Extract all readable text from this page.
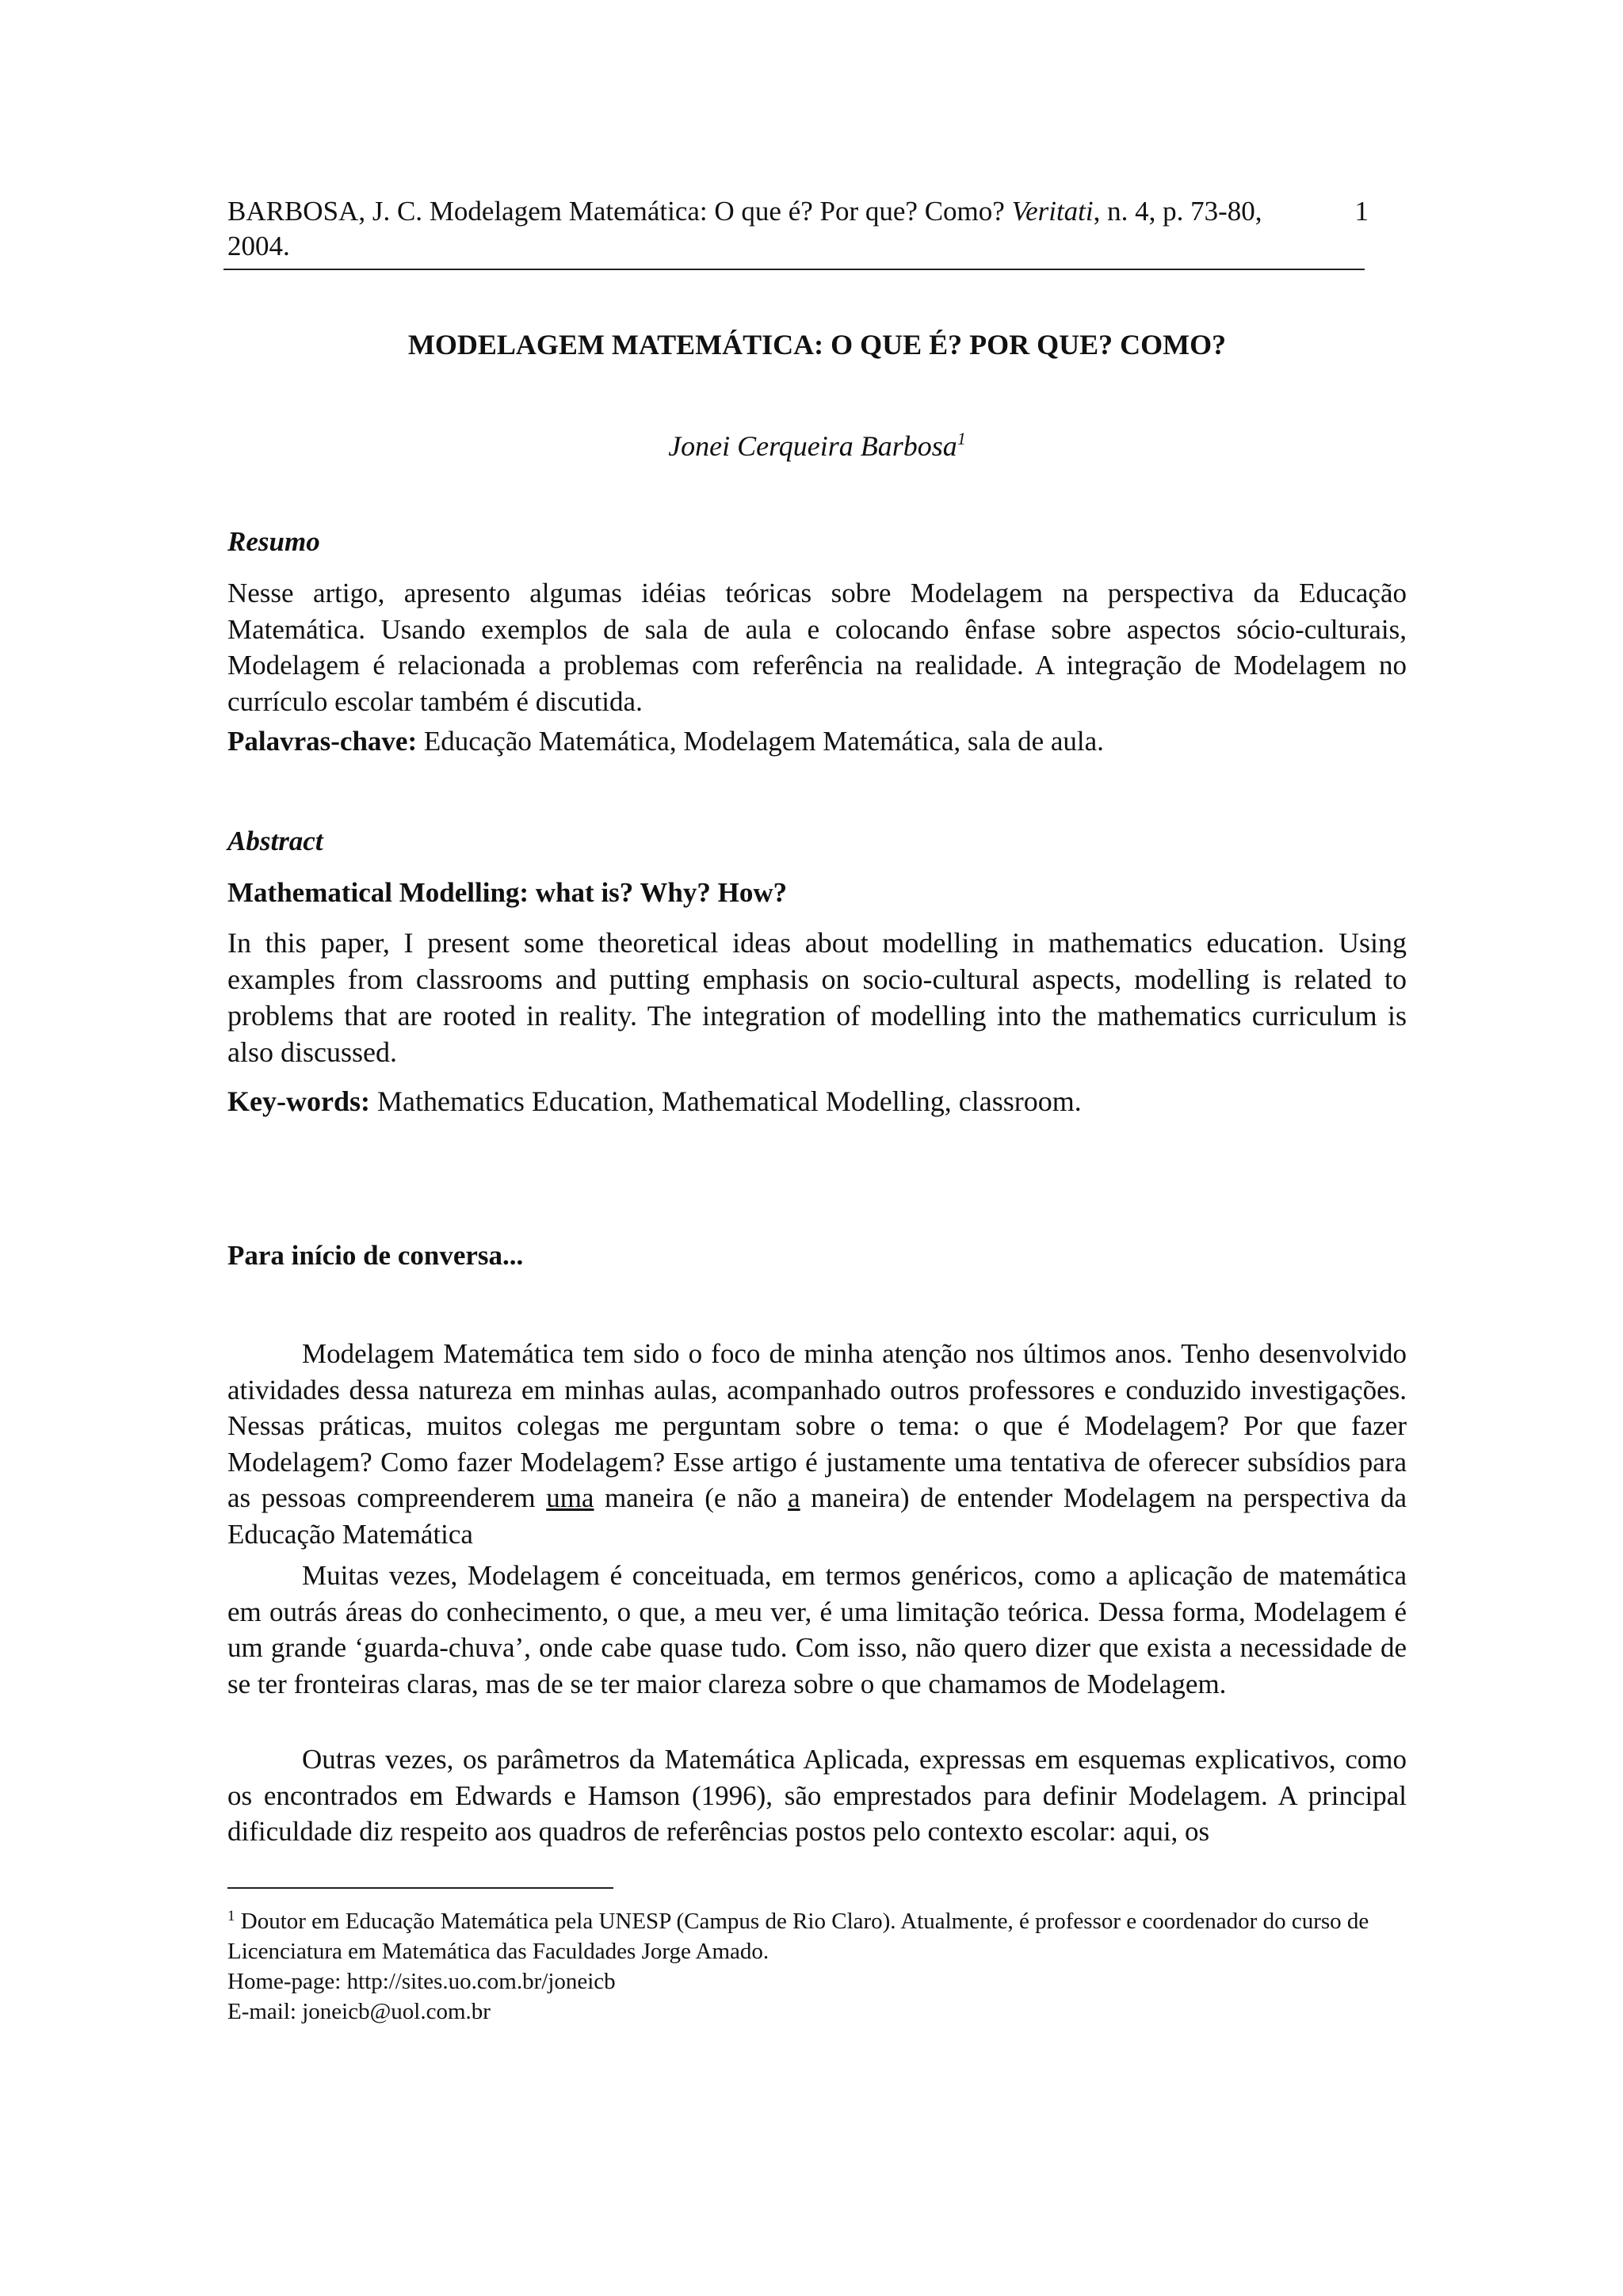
BARBOSA, J. C. Modelagem Matemática: O que é? Por que? Como? Veritati, n. 4, p. 73-80, 2004.
1
MODELAGEM MATEMÁTICA: O QUE É? POR QUE? COMO?
Jonei Cerqueira Barbosa$^1$
Resumo
Nesse artigo, apresento algumas idéias teóricas sobre Modelagem na perspectiva da Educação Matemática. Usando exemplos de sala de aula e colocando ênfase sobre aspectos sócio-culturais, Modelagem é relacionada a problemas com referência na realidade. A integração de Modelagem no currículo escolar também é discutida.
Palavras-chave: Educação Matemática, Modelagem Matemática, sala de aula.
Abstract
Mathematical Modelling: what is? Why? How?
In this paper, I present some theoretical ideas about modelling in mathematics education. Using examples from classrooms and putting emphasis on socio-cultural aspects, modelling is related to problems that are rooted in reality. The integration of modelling into the mathematics curriculum is also discussed.
Key-words: Mathematics Education, Mathematical Modelling, classroom.
Para início de conversa...
Modelagem Matemática tem sido o foco de minha atenção nos últimos anos. Tenho desenvolvido atividades dessa natureza em minhas aulas, acompanhado outros professores e conduzido investigações. Nessas práticas, muitos colegas me perguntam sobre o tema: o que é Modelagem? Por que fazer Modelagem? Como fazer Modelagem? Esse artigo é justamente uma tentativa de oferecer subsídios para as pessoas compreenderem uma maneira (e não a maneira) de entender Modelagem na perspectiva da Educação Matemática
Muitas vezes, Modelagem é conceituada, em termos genéricos, como a aplicação de matemática em outrás áreas do conhecimento, o que, a meu ver, é uma limitação teórica. Dessa forma, Modelagem é um grande ‘guarda-chuva’, onde cabe quase tudo. Com isso, não quero dizer que exista a necessidade de se ter fronteiras claras, mas de se ter maior clareza sobre o que chamamos de Modelagem.
Outras vezes, os parâmetros da Matemática Aplicada, expressas em esquemas explicativos, como os encontrados em Edwards e Hamson (1996), são emprestados para definir Modelagem. A principal dificuldade diz respeito aos quadros de referências postos pelo contexto escolar: aqui, os
$^1$ Doutor em Educação Matemática pela UNESP (Campus de Rio Claro). Atualmente, é professor e coordenador do curso de Licenciatura em Matemática das Faculdades Jorge Amado.
Home-page: http://sites.uo.com.br/joneicb
E-mail: joneicb@uol.com.br
